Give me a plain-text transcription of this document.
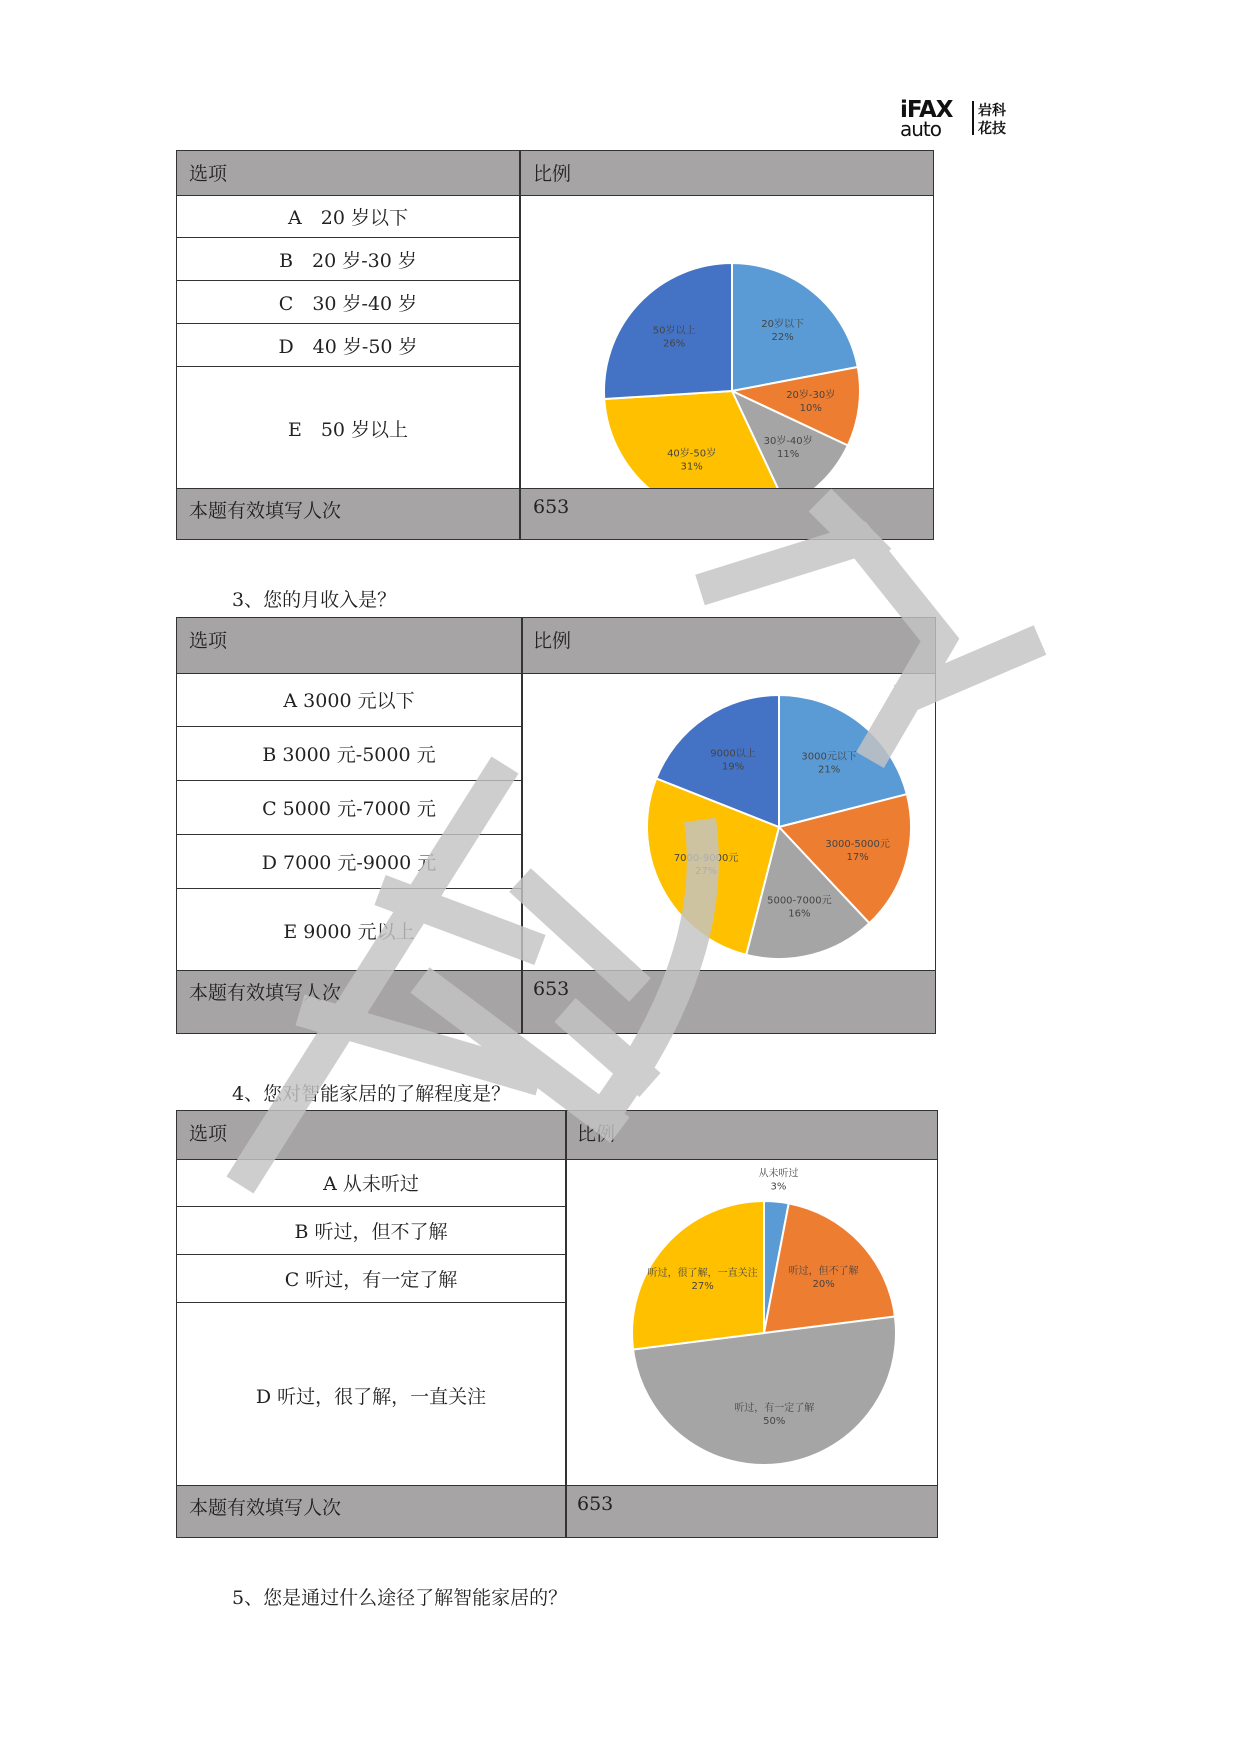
iFAX
auto
岩科
花技
选项	比例
A　20 岁以下
B　20 岁-30 岁
C　30 岁-40 岁
D　40 岁-50 岁
E　50 岁以上
20岁以下
22%
20岁-30岁
10%
30岁-40岁
11%
40岁-50岁
31%
50岁以上
26%
本题有效填写人次	653
3、您的月收入是？
选项	比例
A 3000 元以下
B 3000 元-5000 元
C 5000 元-7000 元
D 7000 元-9000 元
E 9000 元以上
3000元以下
21%
3000-5000元
17%
5000-7000元
16%
7000-9000元
27%
9000以上
19%
本题有效填写人次	653
4、您对智能家居的了解程度是？
选项	比例
A 从未听过
B 听过，但不了解
C 听过，有一定了解
D 听过，很了解，一直关注
从未听过
3%
听过，但不了解
20%
听过，有一定了解
50%
听过，很了解，一直关注
27%
本题有效填写人次	653
5、您是通过什么途径了解智能家居的？
